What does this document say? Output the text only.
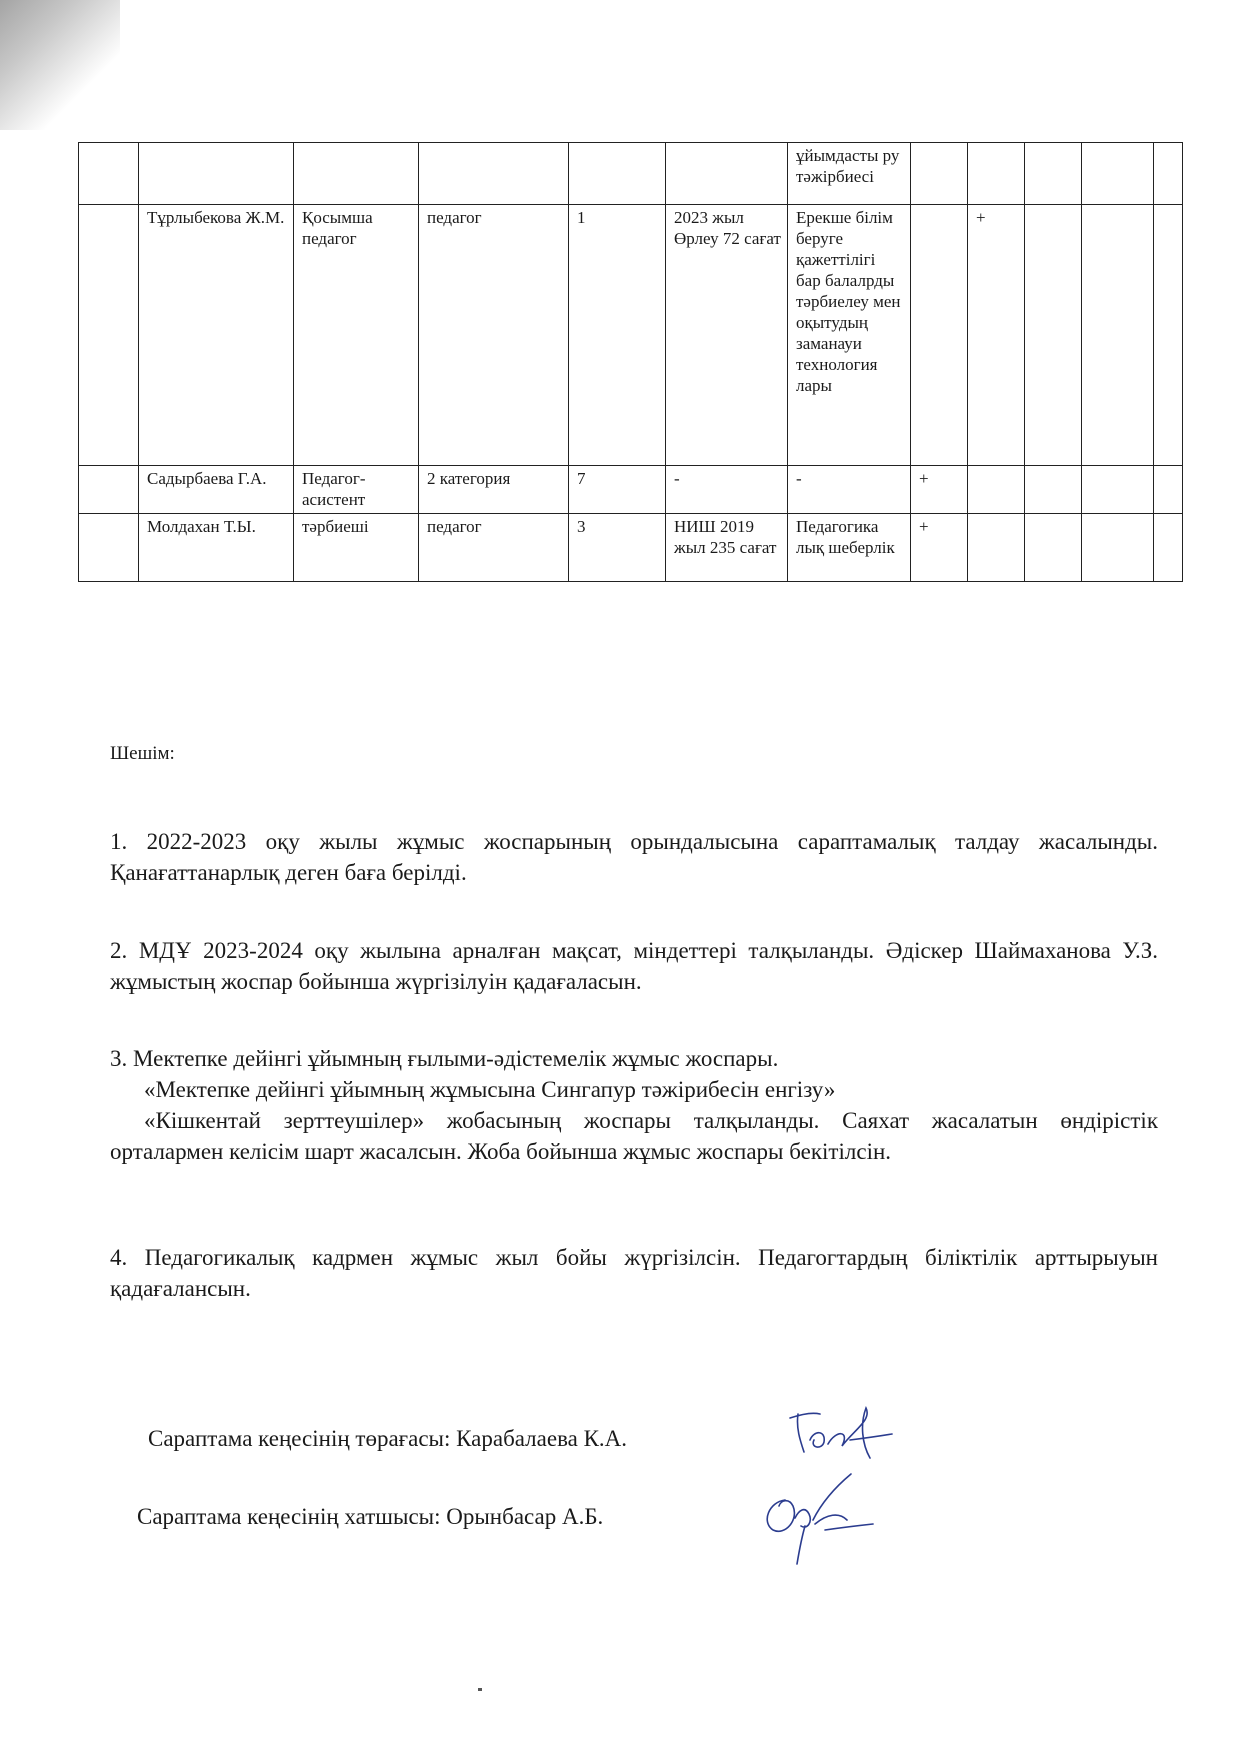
						ұйымдасты ру тәжірбиесі					
	Тұрлыбекова Ж.М.	Қосымша педагог	педагог	1	2023 жыл Өрлеу 72 сағат	Ерекше білім беруге қажеттілігі бар балалрды тәрбиелеу мен оқытудың заманауи технология лары		+			
	Садырбаева Г.А.	Педагог-асистент	2 категория	7	-	-	+				
	Молдахан Т.Ы.	тәрбиеші	педагог	3	НИШ 2019 жыл 235 сағат	Педагогика лық шеберлік	+				
Шешім:
1. 2022-2023 оқу жылы жұмыс жоспарының орындалысына сараптамалық талдау жасалынды. Қанағаттанарлық деген баға берілді.
2. МДҰ 2023-2024 оқу жылына арналған мақсат, міндеттері талқыланды. Әдіскер Шаймаханова У.З. жұмыстың жоспар бойынша жүргізілуін қадағаласын.
3. Мектепке дейінгі ұйымның ғылыми-әдістемелік жұмыс жоспары.
«Мектепке дейінгі ұйымның жұмысына Сингапур тәжірибесін енгізу»
«Кішкентай зерттеушілер» жобасының жоспары талқыланды. Саяхат жасалатын өндірістік орталармен келісім шарт жасалсын. Жоба бойынша жұмыс жоспары бекітілсін.
4. Педагогикалық кадрмен жұмыс жыл бойы жүргізілсін. Педагогтардың біліктілік арттырыуын қадағалансын.
Сараптама кеңесінің төрағасы: Карабалаева К.А.
Сараптама кеңесінің хатшысы: Орынбасар А.Б.
